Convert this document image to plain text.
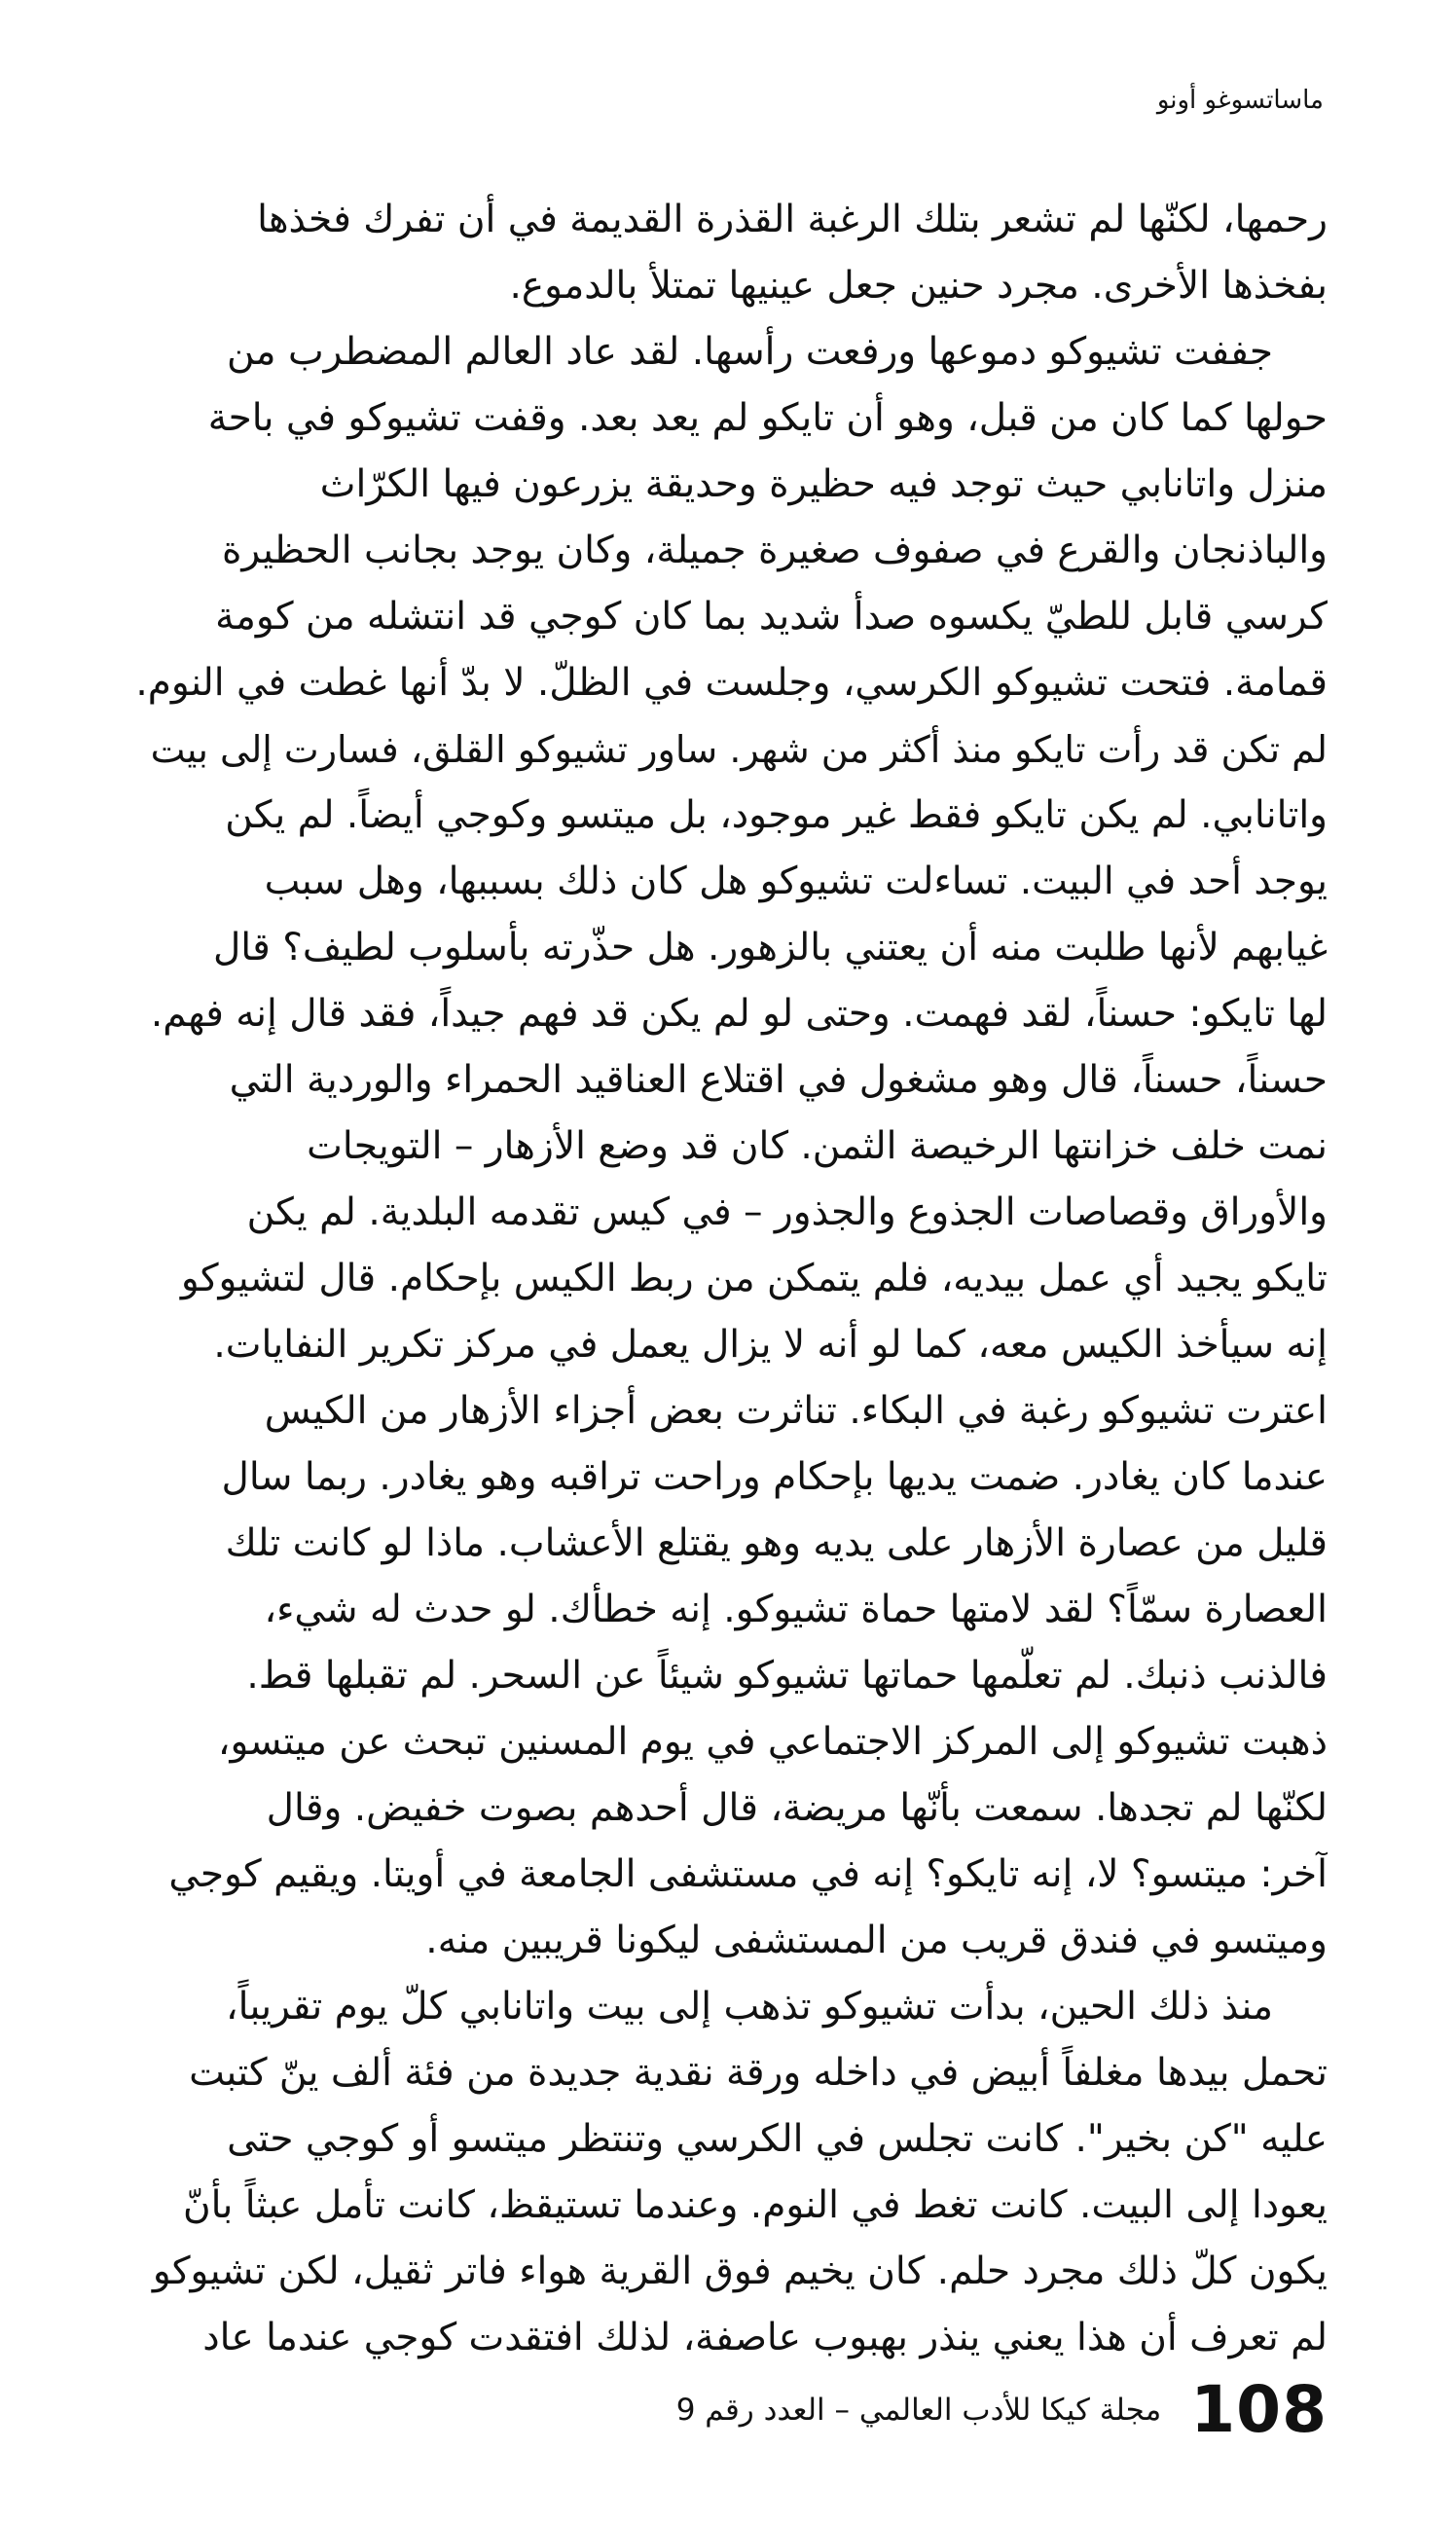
ماساتسوغو أونو
رحمها، لكنّها لم تشعر بتلك الرغبة القذرة القديمة في أن تفرك فخذها
بفخذها الأخرى. مجرد حنين جعل عينيها تمتلأ بالدموع.
جففت تشيوكو دموعها ورفعت رأسها. لقد عاد العالم المضطرب من
حولها كما كان من قبل، وهو أن تايكو لم يعد بعد. وقفت تشيوكو في باحة
منزل واتانابي حيث توجد فيه حظيرة وحديقة يزرعون فيها الكرّاث
والباذنجان والقرع في صفوف صغيرة جميلة، وكان يوجد بجانب الحظيرة
كرسي قابل للطيّ يكسوه صدأ شديد بما كان كوجي قد انتشله من كومة
قمامة. فتحت تشيوكو الكرسي، وجلست في الظلّ. لا بدّ أنها غطت في النوم.
لم تكن قد رأت تايكو منذ أكثر من شهر. ساور تشيوكو القلق، فسارت إلى بيت
واتانابي. لم يكن تايكو فقط غير موجود، بل ميتسو وكوجي أيضاً. لم يكن
يوجد أحد في البيت. تساءلت تشيوكو هل كان ذلك بسببها، وهل سبب
غيابهم لأنها طلبت منه أن يعتني بالزهور. هل حذّرته بأسلوب لطيف؟ قال
لها تايكو: حسناً، لقد فهمت. وحتى لو لم يكن قد فهم جيداً، فقد قال إنه فهم.
حسناً، حسناً، قال وهو مشغول في اقتلاع العناقيد الحمراء والوردية التي
نمت خلف خزانتها الرخيصة الثمن. كان قد وضع الأزهار – التويجات
والأوراق وقصاصات الجذوع والجذور – في كيس تقدمه البلدية. لم يكن
تايكو يجيد أي عمل بيديه، فلم يتمكن من ربط الكيس بإحكام. قال لتشيوكو
إنه سيأخذ الكيس معه، كما لو أنه لا يزال يعمل في مركز تكرير النفايات.
اعترت تشيوكو رغبة في البكاء. تناثرت بعض أجزاء الأزهار من الكيس
عندما كان يغادر. ضمت يديها بإحكام وراحت تراقبه وهو يغادر. ربما سال
قليل من عصارة الأزهار على يديه وهو يقتلع الأعشاب. ماذا لو كانت تلك
العصارة سمّاً؟ لقد لامتها حماة تشيوكو. إنه خطأك. لو حدث له شيء،
فالذنب ذنبك. لم تعلّمها حماتها تشيوكو شيئاً عن السحر. لم تقبلها قط.
ذهبت تشيوكو إلى المركز الاجتماعي في يوم المسنين تبحث عن ميتسو،
لكنّها لم تجدها. سمعت بأنّها مريضة، قال أحدهم بصوت خفيض. وقال
آخر: ميتسو؟ لا، إنه تايكو؟ إنه في مستشفى الجامعة في أويتا. ويقيم كوجي
وميتسو في فندق قريب من المستشفى ليكونا قريبين منه.
منذ ذلك الحين، بدأت تشيوكو تذهب إلى بيت واتانابي كلّ يوم تقريباً،
تحمل بيدها مغلفاً أبيض في داخله ورقة نقدية جديدة من فئة ألف ينّ كتبت
عليه "كن بخير". كانت تجلس في الكرسي وتنتظر ميتسو أو كوجي حتى
يعودا إلى البيت. كانت تغط في النوم. وعندما تستيقظ، كانت تأمل عبثاً بأنّ
يكون كلّ ذلك مجرد حلم. كان يخيم فوق القرية هواء فاتر ثقيل، لكن تشيوكو
لم تعرف أن هذا يعني ينذر بهبوب عاصفة، لذلك افتقدت كوجي عندما عاد
مجلة كيكا للأدب العالمي – العدد رقم 9 108
